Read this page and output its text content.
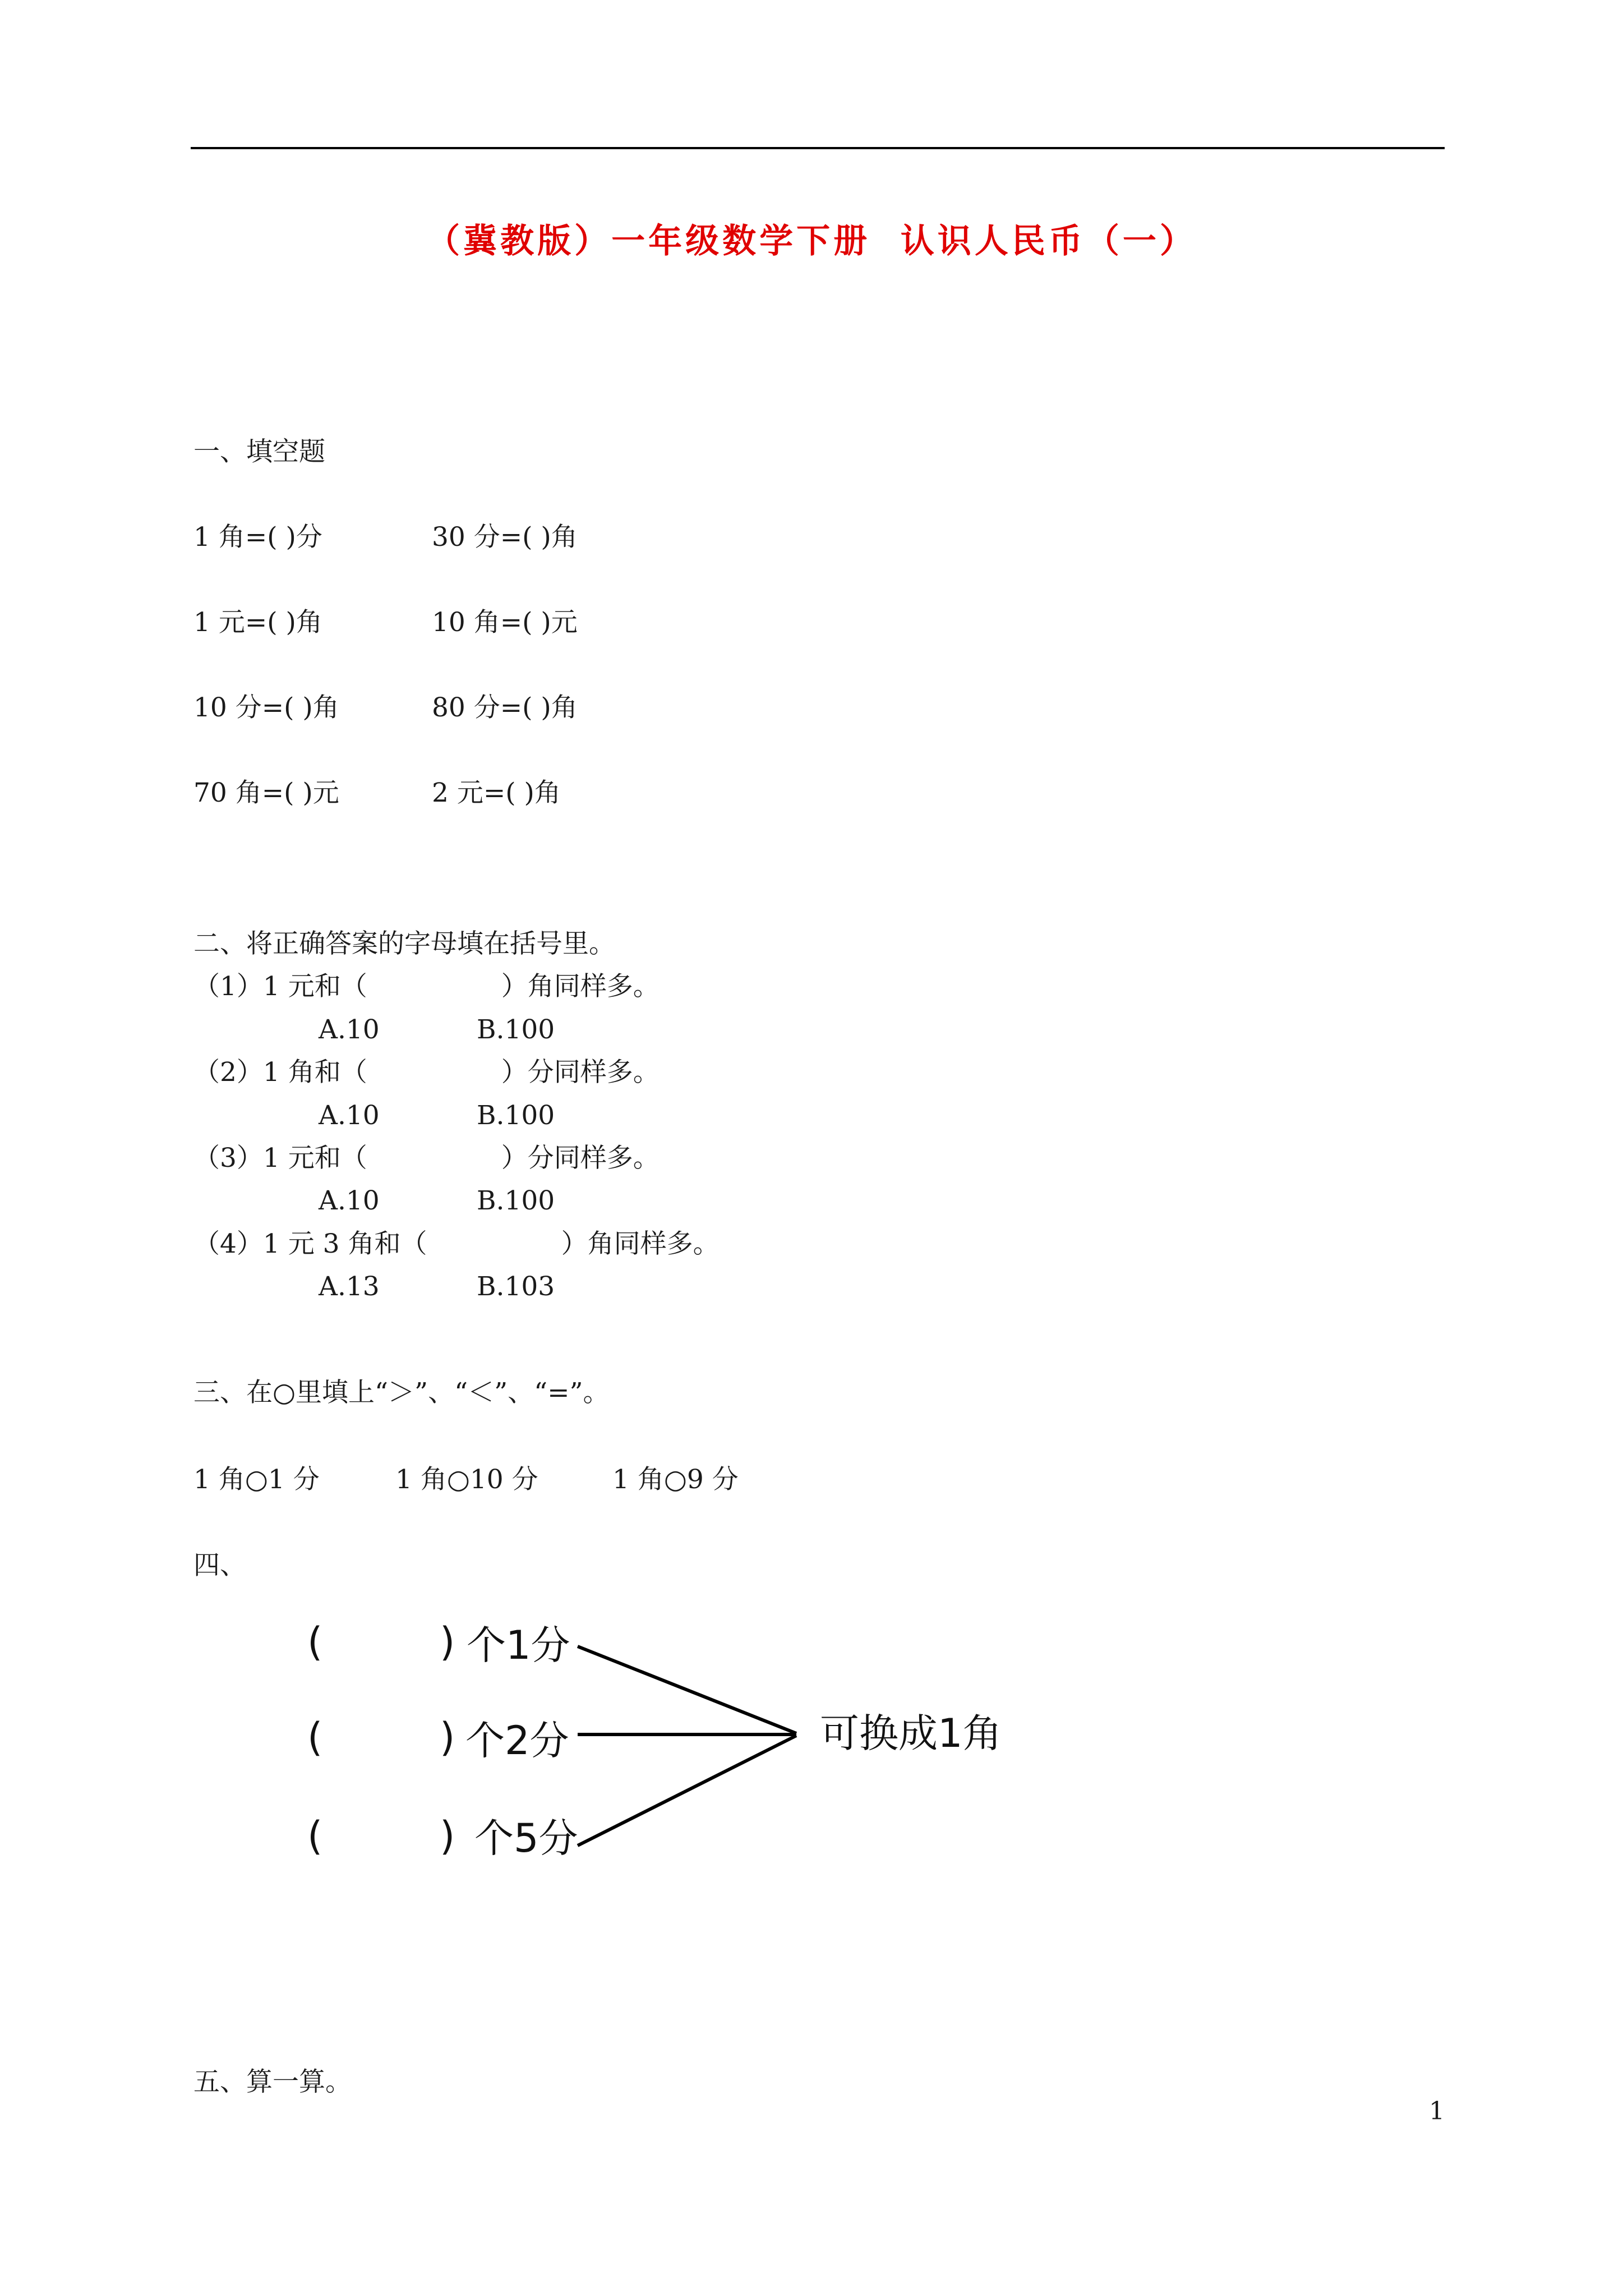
（冀教版）一年级数学下册  认识人民币（一）
一、填空题
1 角=( )分	30 分=( )角
1 元=( )角	10 角=( )元
10 分=( )角	80 分=( )角
70 角=( )元	2 元=( )角
二、将正确答案的字母填在括号里。
（1）1 元和（                ）角同样多。
A.10	B.100
（2）1 角和（                ）分同样多。
A.10	B.100
（3）1 元和（                ）分同样多。
A.10	B.100
（4）1 元 3 角和（                ）角同样多。
A.13	B.103
三、在○里填上“＞”、“＜”、“=”。
1 角○1 分	1 角○10 分	1 角○9 分
四、
(	) 个1分
(	) 个2分
(	) 个5分
可换成1角
五、算一算。
1
